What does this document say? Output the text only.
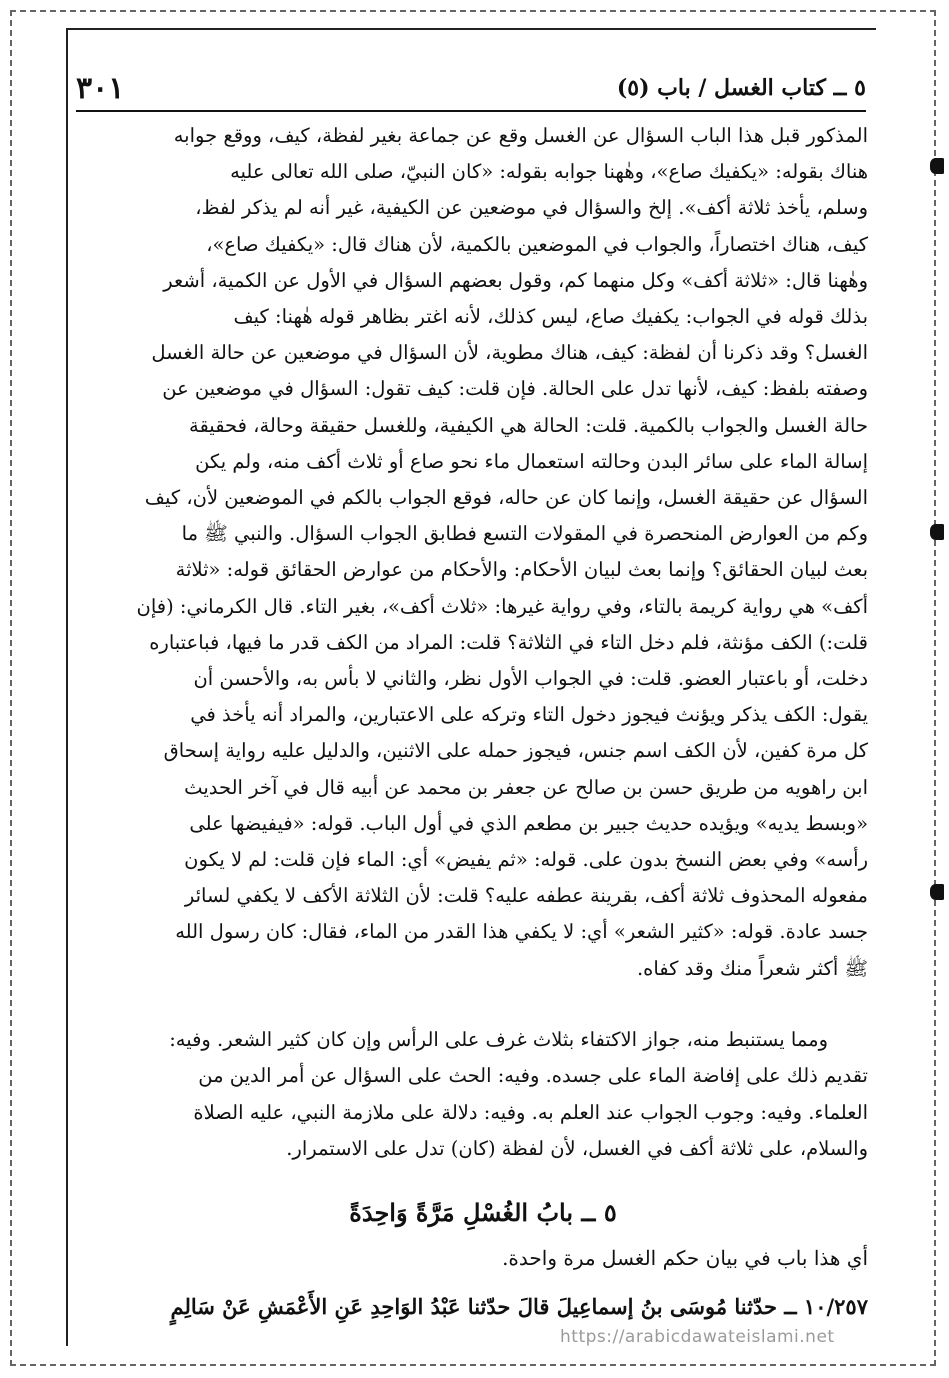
٥ ــ كتاب الغسل / باب (٥)
٣٠١

المذكور قبل هذا الباب السؤال عن الغسل وقع عن جماعة بغير لفظة، كيف، ووقع جوابه

هناك بقوله: «يكفيك صاع»، وهٰهنا جوابه بقوله: «كان النبيّ، صلى الله تعالى عليه

وسلم، يأخذ ثلاثة أكف». إلخ والسؤال في موضعين عن الكيفية، غير أنه لم يذكر لفظ،

كيف، هناك اختصاراً، والجواب في الموضعين بالكمية، لأن هناك قال: «يكفيك صاع»،

وهٰهنا قال: «ثلاثة أكف» وكل منهما كم، وقول بعضهم السؤال في الأول عن الكمية، أشعر

بذلك قوله في الجواب: يكفيك صاع، ليس كذلك، لأنه اغتر بظاهر قوله هٰهنا: كيف

الغسل؟ وقد ذكرنا أن لفظة: كيف، هناك مطوية، لأن السؤال في موضعين عن حالة الغسل

وصفته بلفظ: كيف، لأنها تدل على الحالة. فإن قلت: كيف تقول: السؤال في موضعين عن

حالة الغسل والجواب بالكمية. قلت: الحالة هي الكيفية، وللغسل حقيقة وحالة، فحقيقة

إسالة الماء على سائر البدن وحالته استعمال ماء نحو صاع أو ثلاث أكف منه، ولم يكن

السؤال عن حقيقة الغسل، وإنما كان عن حاله، فوقع الجواب بالكم في الموضعين لأن، كيف

وكم من العوارض المنحصرة في المقولات التسع فطابق الجواب السؤال. والنبي ﷺ ما

بعث لبيان الحقائق؟ وإنما بعث لبيان الأحكام: والأحكام من عوارض الحقائق قوله: «ثلاثة

أكف» هي رواية كريمة بالتاء، وفي رواية غيرها: «ثلاث أكف»، بغير التاء. قال الكرماني: (فإن

قلت:) الكف مؤنثة، فلم دخل التاء في الثلاثة؟ قلت: المراد من الكف قدر ما فيها، فباعتباره

دخلت، أو باعتبار العضو. قلت: في الجواب الأول نظر، والثاني لا بأس به، والأحسن أن

يقول: الكف يذكر ويؤنث فيجوز دخول التاء وتركه على الاعتبارين، والمراد أنه يأخذ في

كل مرة كفين، لأن الكف اسم جنس، فيجوز حمله على الاثنين، والدليل عليه رواية إسحاق

ابن راهويه من طريق حسن بن صالح عن جعفر بن محمد عن أبيه قال في آخر الحديث

«وبسط يديه» ويؤيده حديث جبير بن مطعم الذي في أول الباب. قوله: «فيفيضها على

رأسه» وفي بعض النسخ بدون على. قوله: «ثم يفيض» أي: الماء فإن قلت: لم لا يكون

مفعوله المحذوف ثلاثة أكف، بقرينة عطفه عليه؟ قلت: لأن الثلاثة الأكف لا يكفي لسائر

جسد عادة. قوله: «كثير الشعر» أي: لا يكفي هذا القدر من الماء، فقال: كان رسول الله

ﷺ أكثر شعراً منك وقد كفاه.

ومما يستنبط منه، جواز الاكتفاء بثلاث غرف على الرأس وإن كان كثير الشعر. وفيه:

تقديم ذلك على إفاضة الماء على جسده. وفيه: الحث على السؤال عن أمر الدين من

العلماء. وفيه: وجوب الجواب عند العلم به. وفيه: دلالة على ملازمة النبي، عليه الصلاة

والسلام، على ثلاثة أكف في الغسل، لأن لفظة (كان) تدل على الاستمرار.

٥ ــ بابُ الغُسْلِ مَرَّةً وَاحِدَةً
أي هذا باب في بيان حكم الغسل مرة واحدة.
١٠/٢٥٧ ــ حدّثنا مُوسَى بنُ إسماعِيلَ قالَ حدّثنا عَبْدُ الوَاحِدِ عَنِ الأَعْمَشِ عَنْ سَالِمٍ
https://arabicdawateislami.net
